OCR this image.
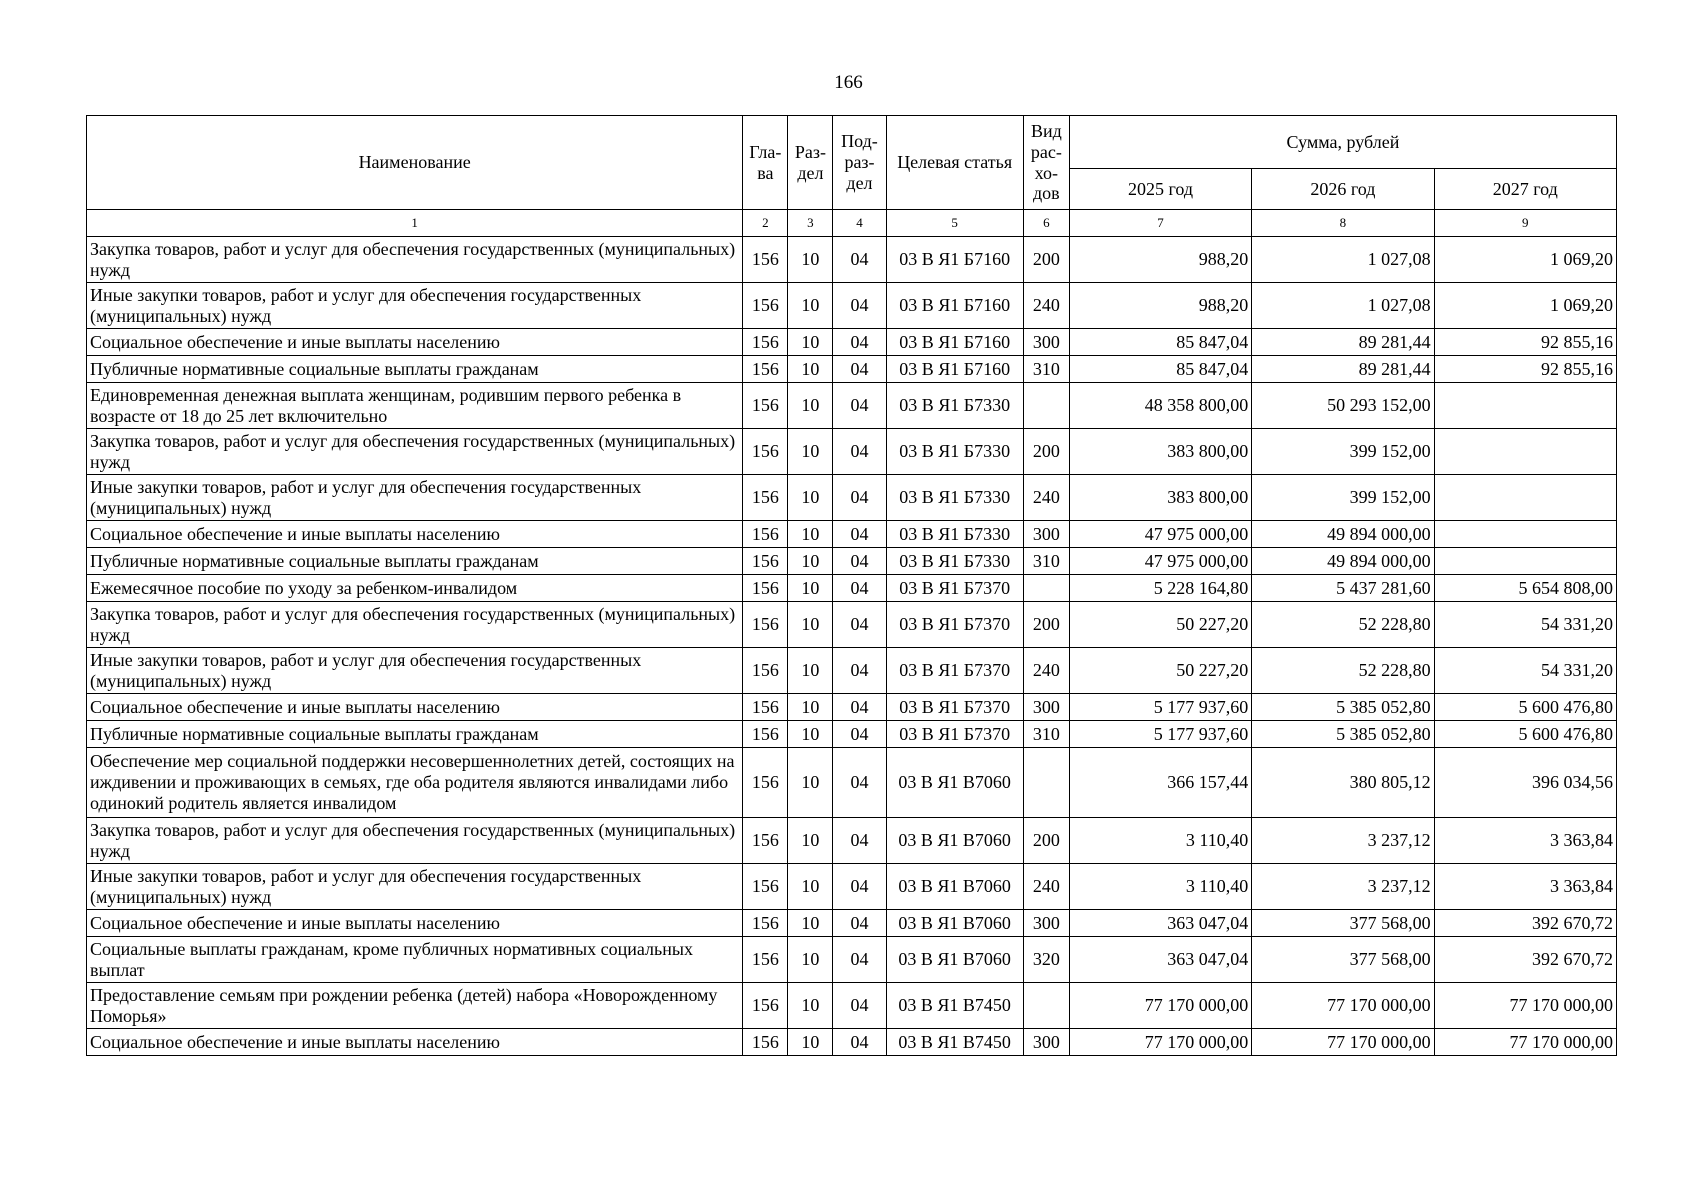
166
Наименование	Гла-ва	Раз-дел	Под-раз-дел	Целевая статья	Вид рас-хо-дов	Сумма, рублей		
						2025 год	2026 год	2027 год
1	2	3	4	5	6	7	8	9
Закупка товаров, работ и услуг для обеспечения государственных (муниципальных) нужд	156	10	04	03 В Я1 Б7160	200	988,20	1 027,08	1 069,20
Иные закупки товаров, работ и услуг для обеспечения государственных (муниципальных) нужд	156	10	04	03 В Я1 Б7160	240	988,20	1 027,08	1 069,20
Социальное обеспечение и иные выплаты населению	156	10	04	03 В Я1 Б7160	300	85 847,04	89 281,44	92 855,16
Публичные нормативные социальные выплаты гражданам	156	10	04	03 В Я1 Б7160	310	85 847,04	89 281,44	92 855,16
Единовременная денежная выплата женщинам, родившим первого ребенка в возрасте от 18 до 25 лет включительно	156	10	04	03 В Я1 Б7330		48 358 800,00	50 293 152,00	
Закупка товаров, работ и услуг для обеспечения государственных (муниципальных) нужд	156	10	04	03 В Я1 Б7330	200	383 800,00	399 152,00	
Иные закупки товаров, работ и услуг для обеспечения государственных (муниципальных) нужд	156	10	04	03 В Я1 Б7330	240	383 800,00	399 152,00	
Социальное обеспечение и иные выплаты населению	156	10	04	03 В Я1 Б7330	300	47 975 000,00	49 894 000,00	
Публичные нормативные социальные выплаты гражданам	156	10	04	03 В Я1 Б7330	310	47 975 000,00	49 894 000,00	
Ежемесячное пособие по уходу за ребенком-инвалидом	156	10	04	03 В Я1 Б7370		5 228 164,80	5 437 281,60	5 654 808,00
Закупка товаров, работ и услуг для обеспечения государственных (муниципальных) нужд	156	10	04	03 В Я1 Б7370	200	50 227,20	52 228,80	54 331,20
Иные закупки товаров, работ и услуг для обеспечения государственных (муниципальных) нужд	156	10	04	03 В Я1 Б7370	240	50 227,20	52 228,80	54 331,20
Социальное обеспечение и иные выплаты населению	156	10	04	03 В Я1 Б7370	300	5 177 937,60	5 385 052,80	5 600 476,80
Публичные нормативные социальные выплаты гражданам	156	10	04	03 В Я1 Б7370	310	5 177 937,60	5 385 052,80	5 600 476,80
Обеспечение мер социальной поддержки несовершеннолетних детей, состоящих на иждивении и проживающих в семьях, где оба родителя являются инвалидами либо одинокий родитель является инвалидом	156	10	04	03 В Я1 В7060		366 157,44	380 805,12	396 034,56
Закупка товаров, работ и услуг для обеспечения государственных (муниципальных) нужд	156	10	04	03 В Я1 В7060	200	3 110,40	3 237,12	3 363,84
Иные закупки товаров, работ и услуг для обеспечения государственных (муниципальных) нужд	156	10	04	03 В Я1 В7060	240	3 110,40	3 237,12	3 363,84
Социальное обеспечение и иные выплаты населению	156	10	04	03 В Я1 В7060	300	363 047,04	377 568,00	392 670,72
Социальные выплаты гражданам, кроме публичных нормативных социальных выплат	156	10	04	03 В Я1 В7060	320	363 047,04	377 568,00	392 670,72
Предоставление семьям при рождении ребенка (детей) набора «Новорожденному Поморья»	156	10	04	03 В Я1 В7450		77 170 000,00	77 170 000,00	77 170 000,00
Социальное обеспечение и иные выплаты населению	156	10	04	03 В Я1 В7450	300	77 170 000,00	77 170 000,00	77 170 000,00
